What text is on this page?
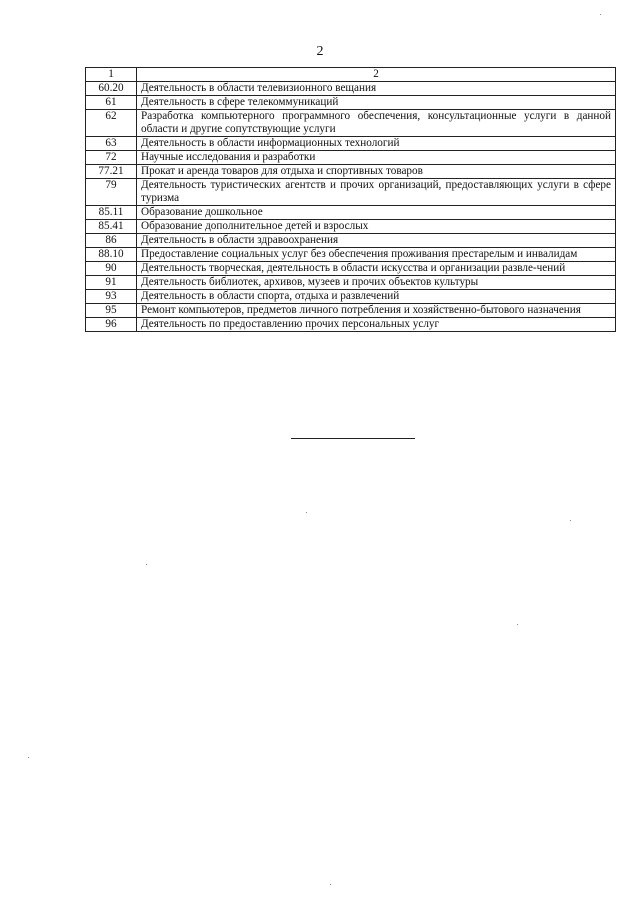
2
1	2
60.20	Деятельность в области телевизионного вещания
61	Деятельность в сфере телекоммуникаций
62	Разработка компьютерного программного обеспечения, консультационные услуги в данной области и другие сопутствующие услуги
63	Деятельность в области информационных технологий
72	Научные исследования и разработки
77.21	Прокат и аренда товаров для отдыха и спортивных товаров
79	Деятельность туристических агентств и прочих организаций, предоставляющих услуги в сфере туризма
85.11	Образование дошкольное
85.41	Образование дополнительное детей и взрослых
86	Деятельность в области здравоохранения
88.10	Предоставление социальных услуг без обеспечения проживания престарелым и инвалидам
90	Деятельность творческая, деятельность в области искусства и организации развле-чений
91	Деятельность библиотек, архивов, музеев и прочих объектов культуры
93	Деятельность в области спорта, отдыха и развлечений
95	Ремонт компьютеров, предметов личного потребления и хозяйственно-бытового назначения
96	Деятельность по предоставлению прочих персональных услуг
